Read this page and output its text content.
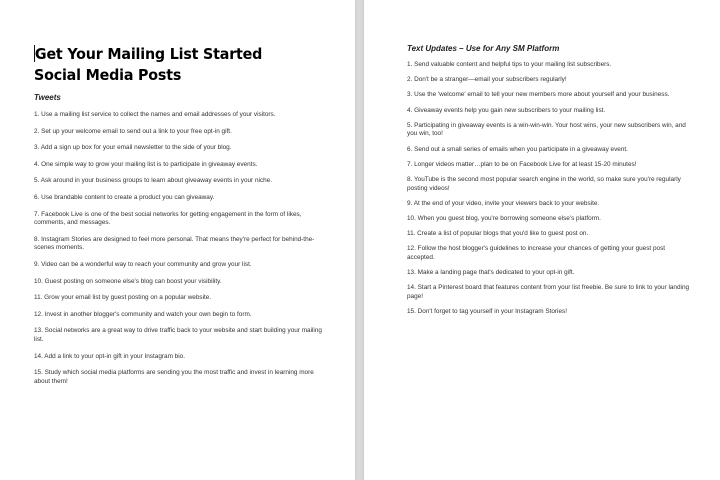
Get Your Mailing List Started Social Media Posts
Tweets
1. Use a mailing list service to collect the names and email addresses of your visitors.
2. Set up your welcome email to send out a link to your free opt-in gift.
3. Add a sign up box for your email newsletter to the side of your blog.
4. One simple way to grow your mailing list is to participate in giveaway events.
5. Ask around in your business groups to learn about giveaway events in your niche.
6. Use brandable content to create a product you can giveaway.
7. Facebook Live is one of the best social networks for getting engagement in the form of likes, comments, and messages.
8. Instagram Stories are designed to feel more personal. That means they're perfect for behind-the-scenes moments.
9. Video can be a wonderful way to reach your community and grow your list.
10. Guest posting on someone else's blog can boost your visibility.
11. Grow your email list by guest posting on a popular website.
12. Invest in another blogger's community and watch your own begin to form.
13. Social networks are a great way to drive traffic back to your website and start building your mailing list.
14. Add a link to your opt-in gift in your Instagram bio.
15. Study which social media platforms are sending you the most traffic and invest in learning more about them!
Text Updates – Use for Any SM Platform
1. Send valuable content and helpful tips to your mailing list subscribers.
2. Don't be a stranger—email your subscribers regularly!
3. Use the 'welcome' email to tell your new members more about yourself and your business.
4. Giveaway events help you gain new subscribers to your mailing list.
5. Participating in giveaway events is a win-win-win. Your host wins, your new subscribers win, and you win, too!
6. Send out a small series of emails when you participate in a giveaway event.
7. Longer videos matter…plan to be on Facebook Live for at least 15-20 minutes!
8. YouTube is the second most popular search engine in the world, so make sure you're regularly posting videos!
9. At the end of your video, invite your viewers back to your website.
10. When you guest blog, you're borrowing someone else's platform.
11. Create a list of popular blogs that you'd like to guest post on.
12. Follow the host blogger's guidelines to increase your chances of getting your guest post accepted.
13. Make a landing page that's dedicated to your opt-in gift.
14. Start a Pinterest board that features content from your list freebie. Be sure to link to your landing page!
15. Don't forget to tag yourself in your Instagram Stories!
